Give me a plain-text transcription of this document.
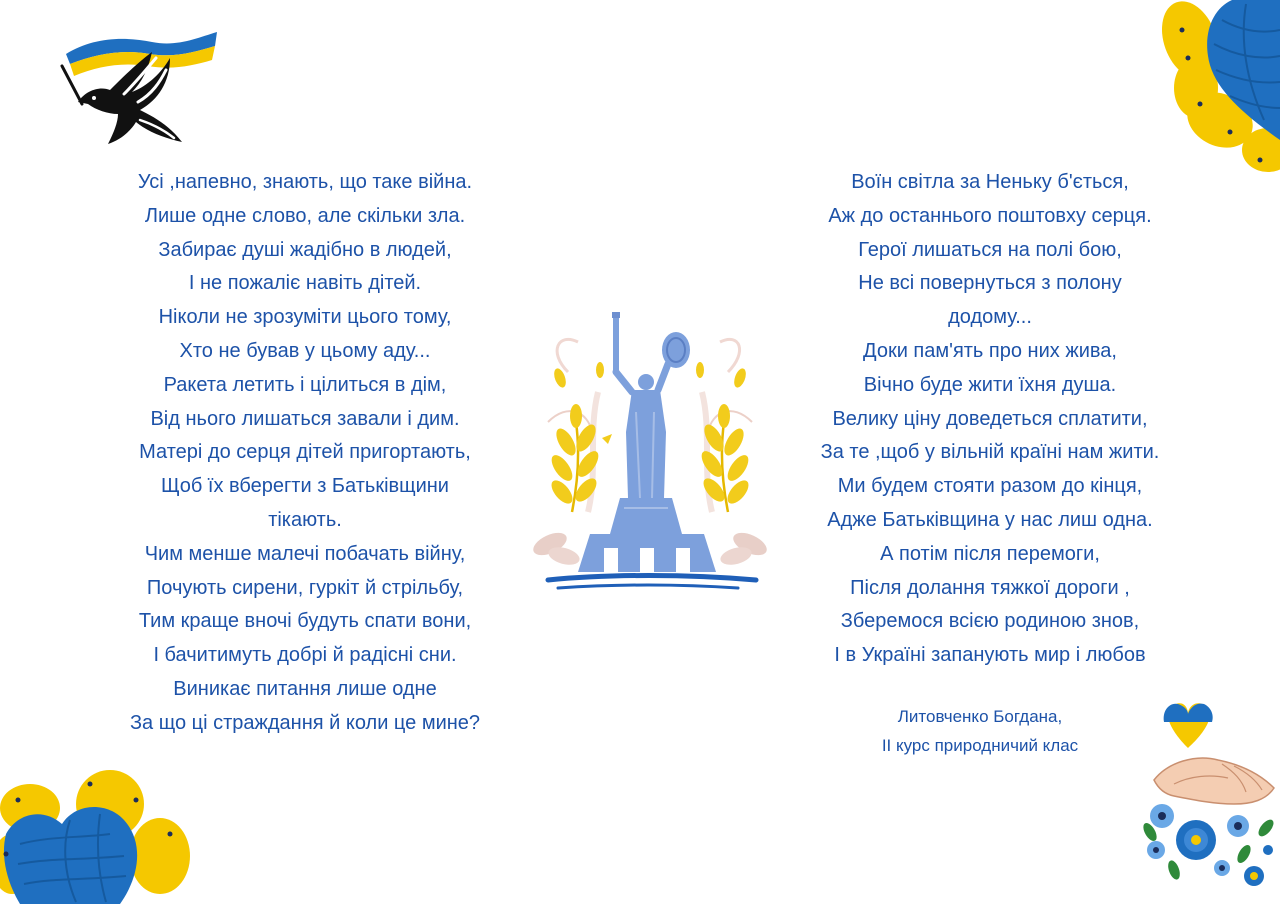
Усі ,напевно, знають, що таке війна.
Лише одне слово, але скільки зла.
Забирає душі жадібно в людей,
І не пожаліє навіть дітей.
Ніколи не зрозуміти цього тому,
Хто не бував у цьому аду...
Ракета летить і цілиться в дім,
Від нього лишаться завали і дим.
Матері до серця дітей пригортають,
Щоб їх вберегти з Батьківщини
тікають.
Чим менше малечі побачать війну,
Почують сирени, гуркіт й стрільбу,
Тим краще вночі будуть спати вони,
І бачитимуть добрі й радісні сни.
Виникає питання лише одне
За що ці страждання й коли це мине?
Воїн світла за Неньку б'ється,
Аж до останнього поштовху серця.
Герої лишаться на полі бою,
Не всі повернуться з полону
додому...
Доки пам'ять про них жива,
Вічно буде жити їхня душа.
Велику ціну доведеться сплатити,
За те ,щоб у вільній країні нам жити.
Ми будем стояти разом до кінця,
Адже Батьківщина у нас лиш одна.
А потім після перемоги,
Після долання тяжкої дороги ,
Зберемося всією родиною знов,
І в Україні запанують мир і любов
Литовченко Богдана,
ІІ курс природничий клас
